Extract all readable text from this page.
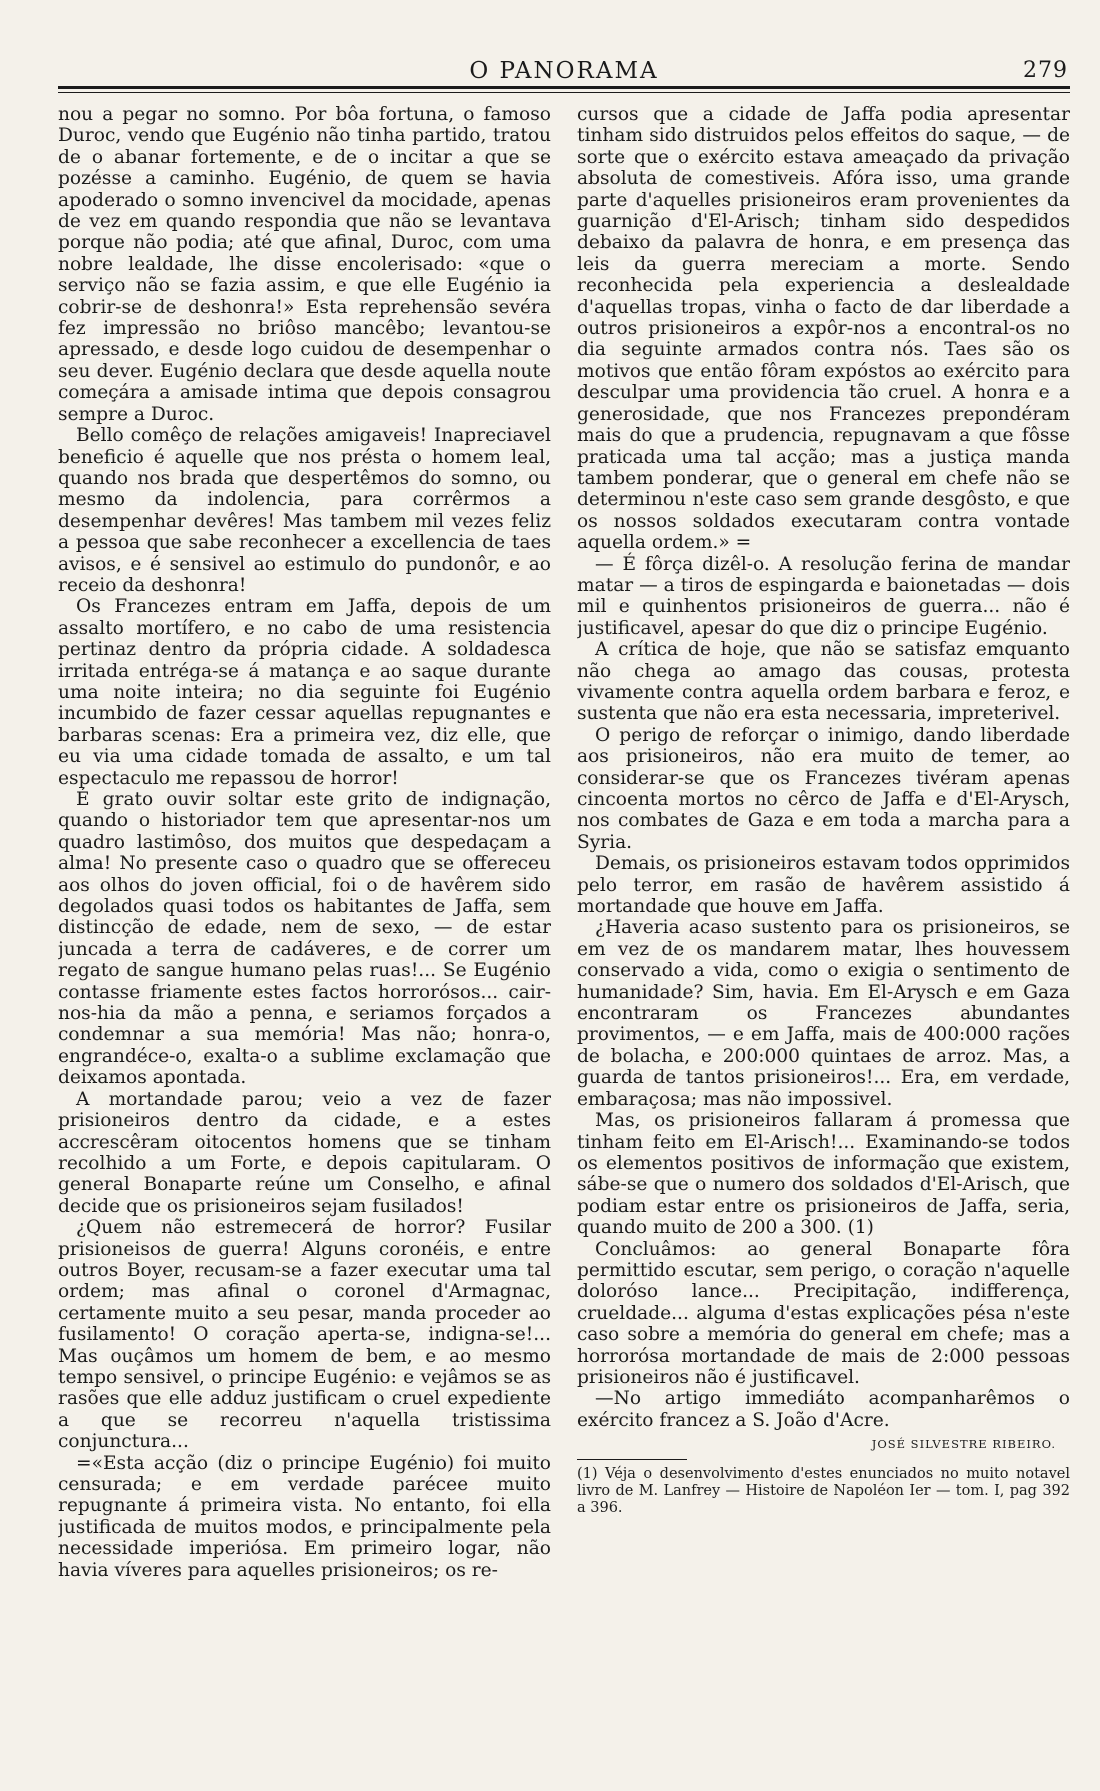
O PANORAMA	279

nou a pegar no somno. Por bôa fortuna, o famoso Duroc, vendo que Eugénio não tinha partido, tratou de o abanar fortemente, e de o incitar a que se pozésse a caminho. Eugénio, de quem se havia apoderado o somno invencivel da mocidade, apenas de vez em quando respondia que não se levantava porque não podia; até que afinal, Duroc, com uma nobre lealdade, lhe disse encolerisado: «que o serviço não se fazia assim, e que elle Eugénio ia cobrir-se de deshonra!» Esta reprehensão sevéra fez impressão no briôso mancêbo; levantou-se apressado, e desde logo cuidou de desempenhar o seu dever. Eugénio declara que desde aquella noute começára a amisade intima que depois consagrou sempre a Duroc.

Bello comêço de relações amigaveis! Inapreciavel beneficio é aquelle que nos présta o homem leal, quando nos brada que despertêmos do somno, ou mesmo da indolencia, para corrêrmos a desempenhar devêres! Mas tambem mil vezes feliz a pessoa que sabe reconhecer a excellencia de taes avisos, e é sensivel ao estimulo do pundonôr, e ao receio da deshonra!

Os Francezes entram em Jaffa, depois de um assalto mortífero, e no cabo de uma resistencia pertinaz dentro da própria cidade. A soldadesca irritada entréga-se á matança e ao saque durante uma noite inteira; no dia seguinte foi Eugénio incumbido de fazer cessar aquellas repugnantes e barbaras scenas: Era a primeira vez, diz elle, que eu via uma cidade tomada de assalto, e um tal espectaculo me repassou de horror!

É grato ouvir soltar este grito de indignação, quando o historiador tem que apresentar-nos um quadro lastimôso, dos muitos que despedaçam a alma! No presente caso o quadro que se offereceu aos olhos do joven official, foi o de havêrem sido degolados quasi todos os habitantes de Jaffa, sem distincção de edade, nem de sexo, — de estar juncada a terra de cadáveres, e de correr um regato de sangue humano pelas ruas!... Se Eugénio contasse friamente estes factos horrorósos... cair-nos-hia da mão a penna, e seriamos forçados a condemnar a sua memória! Mas não; honra-o, engrandéce-o, exalta-o a sublime exclamação que deixamos apontada.

A mortandade parou; veio a vez de fazer prisioneiros dentro da cidade, e a estes accrescêram oitocentos homens que se tinham recolhido a um Forte, e depois capitularam. O general Bonaparte reúne um Conselho, e afinal decide que os prisioneiros sejam fusilados!

¿Quem não estremecerá de horror? Fusilar prisioneisos de guerra! Alguns coronéis, e entre outros Boyer, recusam-se a fazer executar uma tal ordem; mas afinal o coronel d'Armagnac, certamente muito a seu pesar, manda proceder ao fusilamento! O coração aperta-se, indigna-se!... Mas ouçâmos um homem de bem, e ao mesmo tempo sensivel, o principe Eugénio: e vejâmos se as rasões que elle adduz justificam o cruel expediente a que se recorreu n'aquella tristissima conjunctura...

=«Esta acção (diz o principe Eugénio) foi muito censurada; e em verdade parécee muito repugnante á primeira vista. No entanto, foi ella justificada de muitos modos, e principalmente pela necessidade imperiósa. Em primeiro logar, não havia víveres para aquelles prisioneiros; os re-

cursos que a cidade de Jaffa podia apresentar tinham sido distruidos pelos effeitos do saque, — de sorte que o exército estava ameaçado da privação absoluta de comestiveis. Afóra isso, uma grande parte d'aquelles prisioneiros eram provenientes da guarnição d'El-Arisch; tinham sido despedidos debaixo da palavra de honra, e em presença das leis da guerra mereciam a morte. Sendo reconhecida pela experiencia a deslealdade d'aquellas tropas, vinha o facto de dar liberdade a outros prisioneiros a expôr-nos a encontral-os no dia seguinte armados contra nós. Taes são os motivos que então fôram expóstos ao exército para desculpar uma providencia tão cruel. A honra e a generosidade, que nos Francezes prepondéram mais do que a prudencia, repugnavam a que fôsse praticada uma tal acção; mas a justiça manda tambem ponderar, que o general em chefe não se determinou n'este caso sem grande desgôsto, e que os nossos soldados executaram contra vontade aquella ordem.» =

— É fôrça dizêl-o. A resolução ferina de mandar matar — a tiros de espingarda e baionetadas — dois mil e quinhentos prisioneiros de guerra... não é justificavel, apesar do que diz o principe Eugénio.

A crítica de hoje, que não se satisfaz emquanto não chega ao amago das cousas, protesta vivamente contra aquella ordem barbara e feroz, e sustenta que não era esta necessaria, impreterivel.

O perigo de reforçar o inimigo, dando liberdade aos prisioneiros, não era muito de temer, ao considerar-se que os Francezes tivéram apenas cincoenta mortos no cêrco de Jaffa e d'El-Arysch, nos combates de Gaza e em toda a marcha para a Syria.

Demais, os prisioneiros estavam todos opprimidos pelo terror, em rasão de havêrem assistido á mortandade que houve em Jaffa.

¿Haveria acaso sustento para os prisioneiros, se em vez de os mandarem matar, lhes houvessem conservado a vida, como o exigia o sentimento de humanidade? Sim, havia. Em El-Arysch e em Gaza encontraram os Francezes abundantes provimentos, — e em Jaffa, mais de 400:000 rações de bolacha, e 200:000 quintaes de arroz. Mas, a guarda de tantos prisioneiros!... Era, em verdade, embaraçosa; mas não impossivel.

Mas, os prisioneiros fallaram á promessa que tinham feito em El-Arisch!... Examinando-se todos os elementos positivos de informação que existem, sábe-se que o numero dos soldados d'El-Arisch, que podiam estar entre os prisioneiros de Jaffa, seria, quando muito de 200 a 300. (1)

Concluâmos: ao general Bonaparte fôra permittido escutar, sem perigo, o coração n'aquelle doloróso lance... Precipitação, indifferença, crueldade... alguma d'estas explicações pésa n'este caso sobre a memória do general em chefe; mas a horrorósa mortandade de mais de 2:000 pessoas prisioneiros não é justificavel.

—No artigo immediáto acompanharêmos o exército francez a S. João d'Acre.

JOSÉ SILVESTRE RIBEIRO.
(1) Véja o desenvolvimento d'estes enunciados no muito notavel livro de M. Lanfrey — Histoire de Napoléon Ier — tom. I, pag 392 a 396.
